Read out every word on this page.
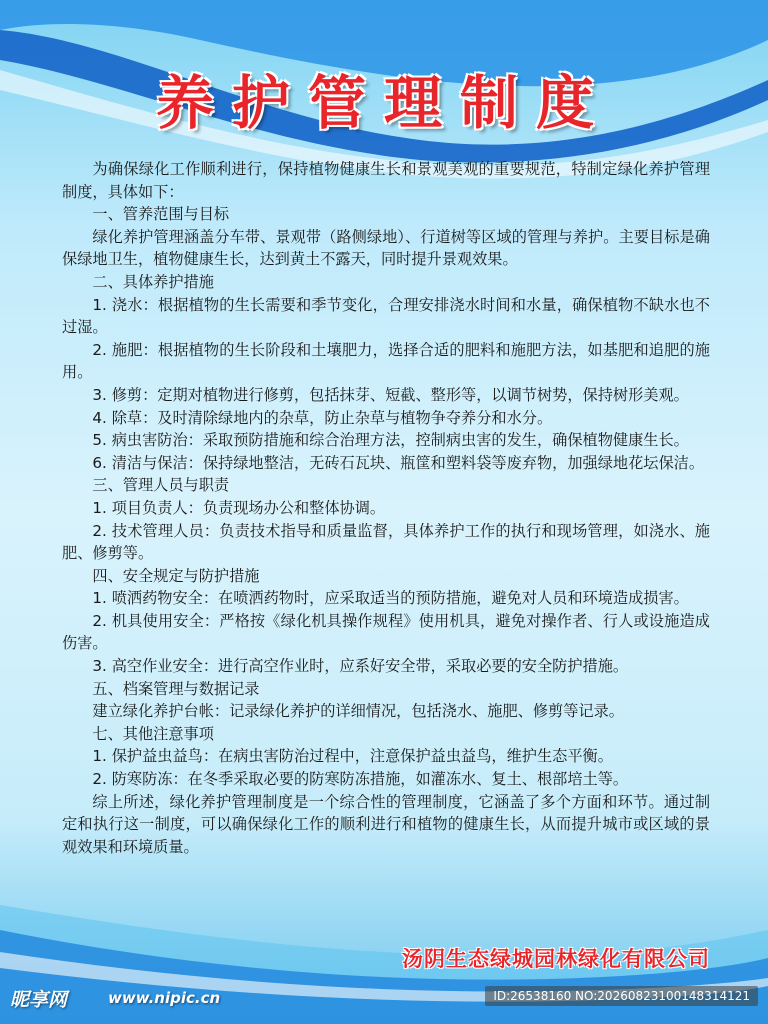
养护管理制度

为确保绿化工作顺利进行，保持植物健康生长和景观美观的重要规范，特制定绿化养护管理制度，具体如下：

一、管养范围与目标

绿化养护管理涵盖分车带、景观带（路侧绿地）、行道树等区域的管理与养护。主要目标是确保绿地卫生，植物健康生长，达到黄土不露天，同时提升景观效果。

二、具体养护措施

1. 浇水：根据植物的生长需要和季节变化，合理安排浇水时间和水量，确保植物不缺水也不过湿。

2. 施肥：根据植物的生长阶段和土壤肥力，选择合适的肥料和施肥方法，如基肥和追肥的施用。

3. 修剪：定期对植物进行修剪，包括抹芽、短截、整形等，以调节树势，保持树形美观。

4. 除草：及时清除绿地内的杂草，防止杂草与植物争夺养分和水分。

5. 病虫害防治：采取预防措施和综合治理方法，控制病虫害的发生，确保植物健康生长。

6. 清洁与保洁：保持绿地整洁，无砖石瓦块、瓶筐和塑料袋等废弃物，加强绿地花坛保洁。

三、管理人员与职责

1. 项目负责人：负责现场办公和整体协调。

2. 技术管理人员：负责技术指导和质量监督，具体养护工作的执行和现场管理，如浇水、施肥、修剪等。

四、安全规定与防护措施

1. 喷洒药物安全：在喷洒药物时，应采取适当的预防措施，避免对人员和环境造成损害。

2. 机具使用安全：严格按《绿化机具操作规程》使用机具，避免对操作者、行人或设施造成伤害。

3. 高空作业安全：进行高空作业时，应系好安全带，采取必要的安全防护措施。

五、档案管理与数据记录

建立绿化养护台帐：记录绿化养护的详细情况，包括浇水、施肥、修剪等记录。

七、其他注意事项

1. 保护益虫益鸟：在病虫害防治过程中，注意保护益虫益鸟，维护生态平衡。

2. 防寒防冻：在冬季采取必要的防寒防冻措施，如灌冻水、复土、根部培土等。

综上所述，绿化养护管理制度是一个综合性的管理制度，它涵盖了多个方面和环节。通过制定和执行这一制度，可以确保绿化工作的顺利进行和植物的健康生长，从而提升城市或区域的景观效果和环境质量。

汤阴生态绿城园林绿化有限公司
昵享网	www.nipic.cn	ID:26538160 NO:20260823100148314121
